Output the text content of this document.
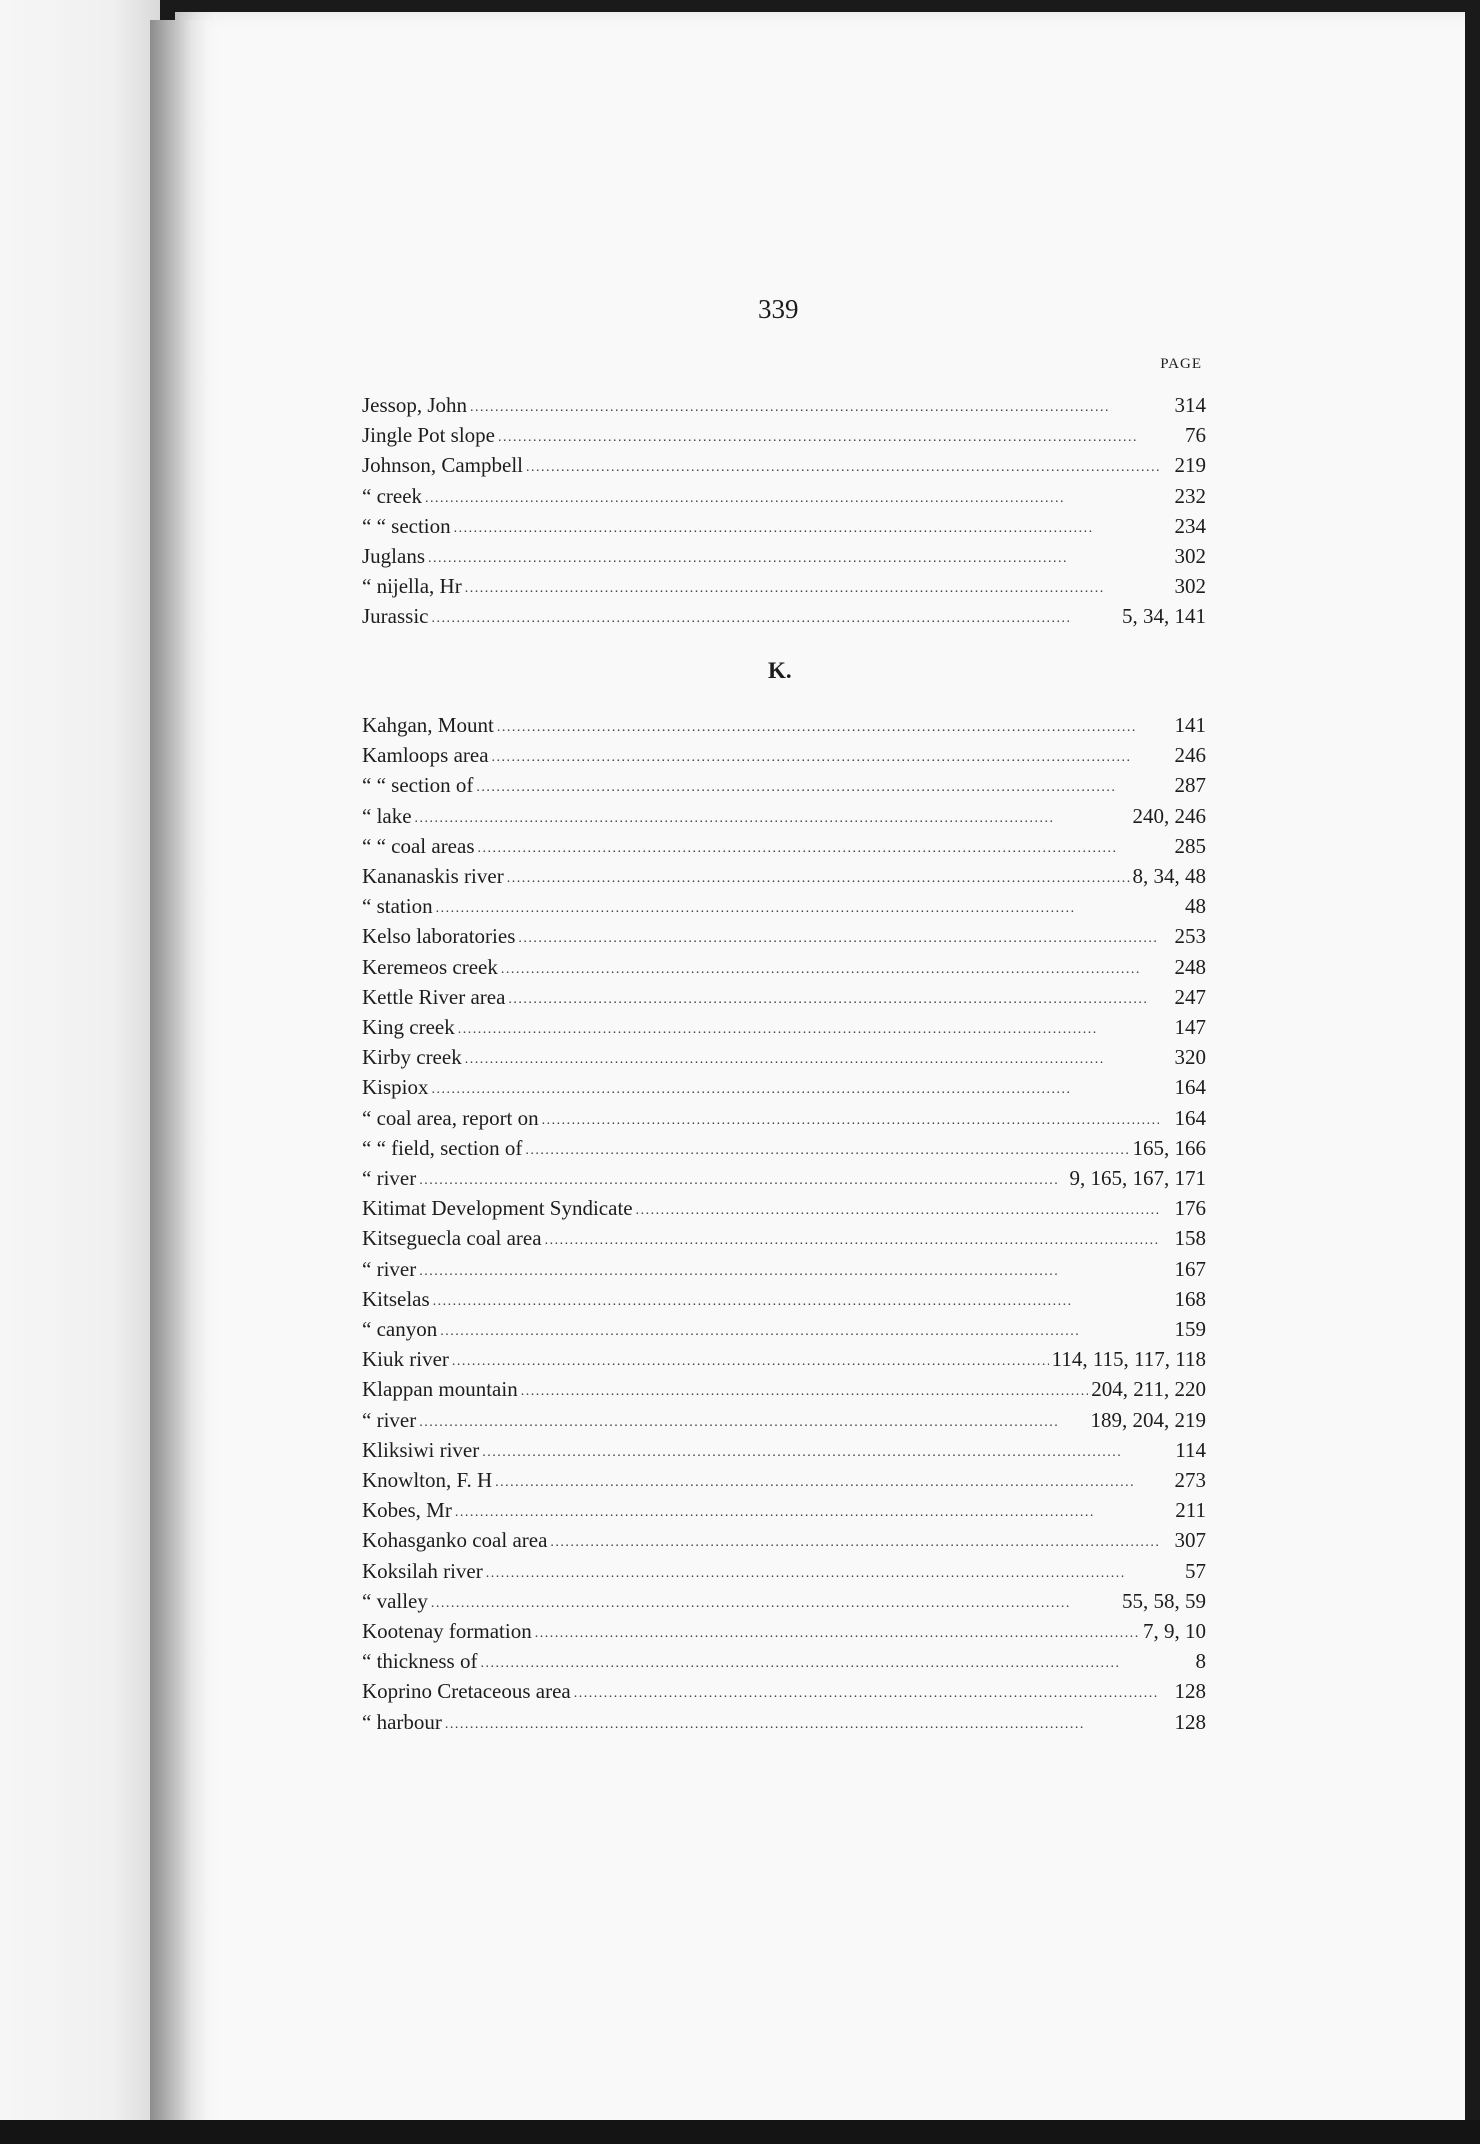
339
PAGE
Jessop, John . . .	314
Jingle Pot slope . . .	76
Johnson, Campbell . . .	219
“ creek . . .	232
“ “ section . . .	234
Juglans . . .	302
“ nijella, Hr . . .	302
Jurassic . . .	5, 34, 141
K.
Kahgan, Mount . . .	141
Kamloops area . . .	246
“ “ section of . . .	287
“ lake . . .	240, 246
“ “ coal areas . . .	285
Kananaskis river . . .	8, 34, 48
“ station . . .	48
Kelso laboratories . . .	253
Keremeos creek . . .	248
Kettle River area . . .	247
King creek . . .	147
Kirby creek . . .	320
Kispiox . . .	164
“ coal area, report on . . .	164
“ “ field, section of . . .	165, 166
“ river . . .	9, 165, 167, 171
Kitimat Development Syndicate . . .	176
Kitseguecla coal area . . .	158
“ river . . .	167
Kitselas . . .	168
“ canyon . . .	159
Kiuk river . . .	114, 115, 117, 118
Klappan mountain . . .	204, 211, 220
“ river . . .	189, 204, 219
Kliksiwi river . . .	114
Knowlton, F. H . . .	273
Kobes, Mr . . .	211
Kohasganko coal area . . .	307
Koksilah river . . .	57
“ valley . . .	55, 58, 59
Kootenay formation . . .	7, 9, 10
“ thickness of . . .	8
Koprino Cretaceous area . . .	128
“ harbour . . .	128
